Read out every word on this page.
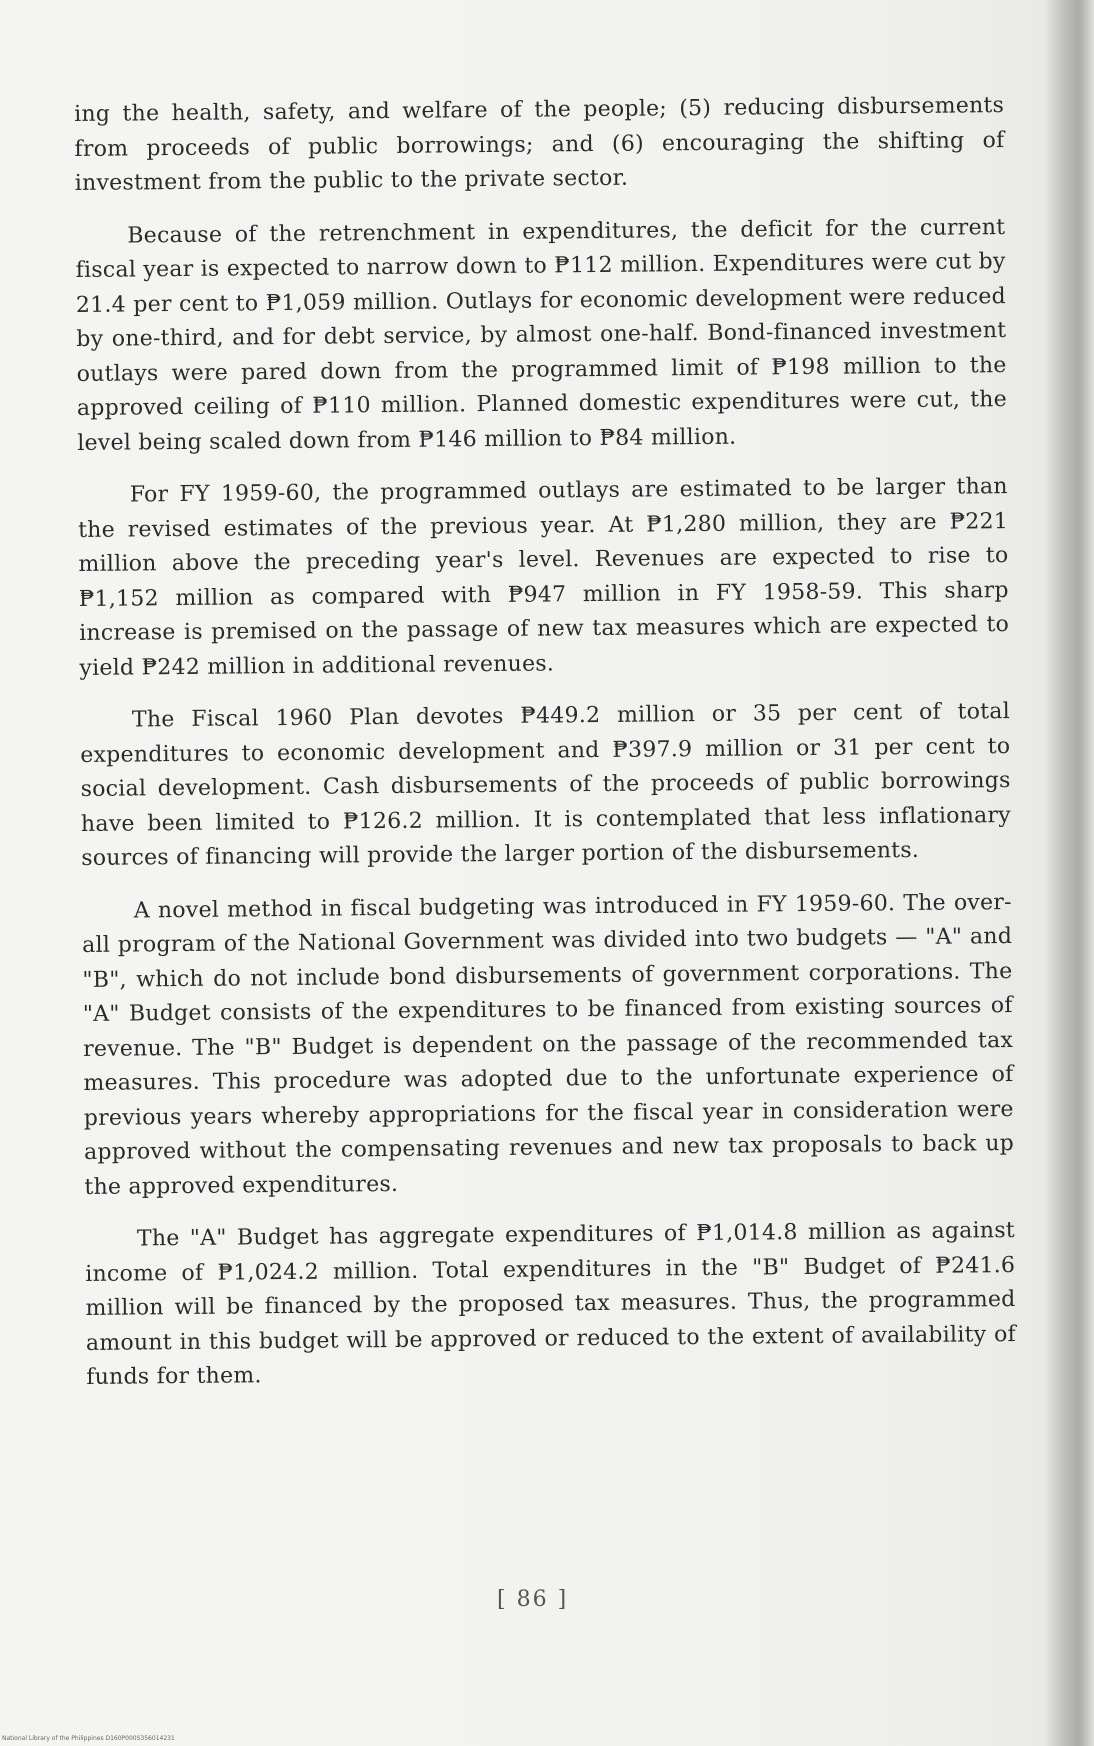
ing the health, safety, and welfare of the people; (5) reducing disbursements from proceeds of public borrowings; and (6) encouraging the shifting of investment from the public to the private sector.

Because of the retrenchment in expenditures, the deficit for the current fiscal year is expected to narrow down to ₱112 million. Expenditures were cut by 21.4 per cent to ₱1,059 million. Outlays for economic development were reduced by one-third, and for debt service, by almost one-half. Bond-financed investment outlays were pared down from the programmed limit of ₱198 million to the approved ceiling of ₱110 million. Planned domestic expenditures were cut, the level being scaled down from ₱146 million to ₱84 million.

For FY 1959-60, the programmed outlays are estimated to be larger than the revised estimates of the previous year. At ₱1,280 million, they are ₱221 million above the preceding year's level. Revenues are expected to rise to ₱1,152 million as compared with ₱947 million in FY 1958-59. This sharp increase is premised on the passage of new tax measures which are expected to yield ₱242 million in additional revenues.

The Fiscal 1960 Plan devotes ₱449.2 million or 35 per cent of total expenditures to economic development and ₱397.9 million or 31 per cent to social development. Cash disbursements of the proceeds of public borrowings have been limited to ₱126.2 million. It is contemplated that less inflationary sources of financing will provide the larger portion of the disbursements.

A novel method in fiscal budgeting was introduced in FY 1959-60. The over-all program of the National Government was divided into two budgets — "A" and "B", which do not include bond disbursements of government corporations. The "A" Budget consists of the expenditures to be financed from existing sources of revenue. The "B" Budget is dependent on the passage of the recommended tax measures. This procedure was adopted due to the unfortunate experience of previous years whereby appropriations for the fiscal year in consideration were approved without the compensating revenues and new tax proposals to back up the approved expenditures.

The "A" Budget has aggregate expenditures of ₱1,014.8 million as against income of ₱1,024.2 million. Total expenditures in the "B" Budget of ₱241.6 million will be financed by the proposed tax measures. Thus, the programmed amount in this budget will be approved or reduced to the extent of availability of funds for them.

[ 86 ]
National Library of the Philippines D160P000S356014231
